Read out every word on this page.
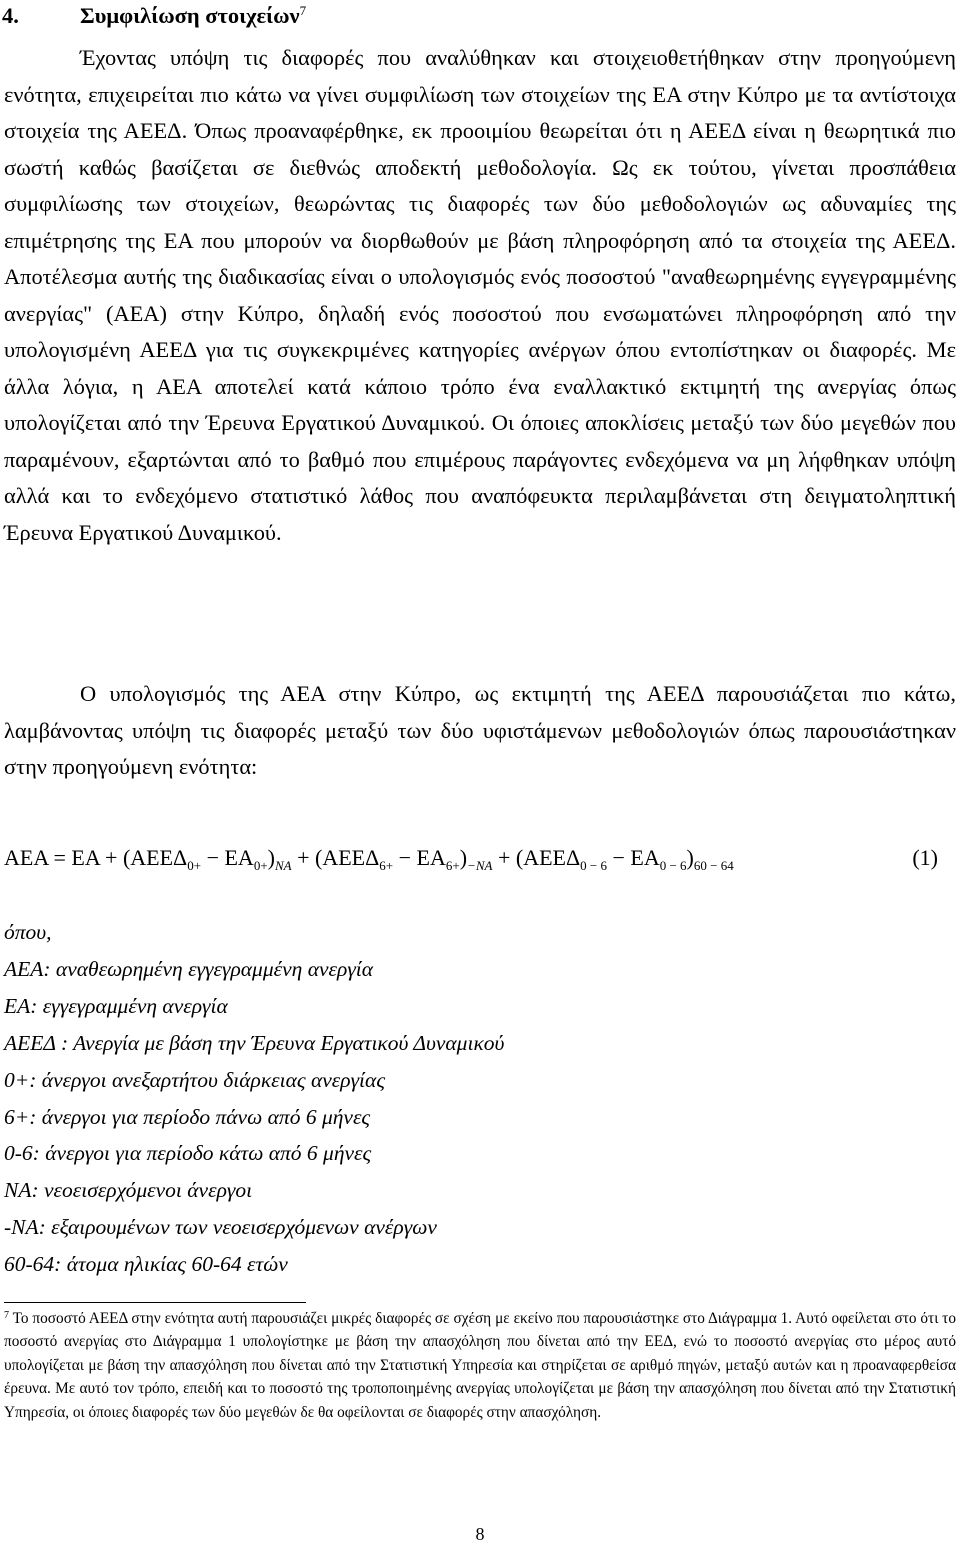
4.	Συμφιλίωση στοιχείων$^7$

Έχοντας υπόψη τις διαφορές που αναλύθηκαν και στοιχειοθετήθηκαν στην προηγούμενη ενότητα, επιχειρείται πιο κάτω να γίνει συμφιλίωση των στοιχείων της ΕΑ στην Κύπρο με τα αντίστοιχα στοιχεία της ΑΕΕΔ. Όπως προαναφέρθηκε, εκ προοιμίου θεωρείται ότι η ΑΕΕΔ είναι η θεωρητικά πιο σωστή καθώς βασίζεται σε διεθνώς αποδεκτή μεθοδολογία. Ως εκ τούτου, γίνεται προσπάθεια συμφιλίωσης των στοιχείων, θεωρώντας τις διαφορές των δύο μεθοδολογιών ως αδυναμίες της επιμέτρησης της ΕΑ που μπορούν να διορθωθούν με βάση πληροφόρηση από τα στοιχεία της ΑΕΕΔ. Αποτέλεσμα αυτής της διαδικασίας είναι ο υπολογισμός ενός ποσοστού "αναθεωρημένης εγγεγραμμένης ανεργίας" (ΑΕΑ) στην Κύπρο, δηλαδή ενός ποσοστού που ενσωματώνει πληροφόρηση από την υπολογισμένη ΑΕΕΔ για τις συγκεκριμένες κατηγορίες ανέργων όπου εντοπίστηκαν οι διαφορές. Με άλλα λόγια, η ΑΕΑ αποτελεί κατά κάποιο τρόπο ένα εναλλακτικό εκτιμητή της ανεργίας όπως υπολογίζεται από την Έρευνα Εργατικού Δυναμικού. Οι όποιες αποκλίσεις μεταξύ των δύο μεγεθών που παραμένουν, εξαρτώνται από το βαθμό που επιμέρους παράγοντες ενδεχόμενα να μη λήφθηκαν υπόψη αλλά και το ενδεχόμενο στατιστικό λάθος που αναπόφευκτα περιλαμβάνεται στη δειγματοληπτική Έρευνα Εργατικού Δυναμικού.

Ο υπολογισμός της ΑΕΑ στην Κύπρο, ως εκτιμητή της ΑΕΕΔ παρουσιάζεται πιο κάτω, λαμβάνοντας υπόψη τις διαφορές μεταξύ των δύο υφιστάμενων μεθοδολογιών όπως παρουσιάστηκαν στην προηγούμενη ενότητα:

$AEA = EA + (AEE\Delta_{0+} - EA_{0+})_{NA} + (AEE\Delta_{6+} - EA_{6+})_{-NA} + (AEE\Delta_{0 - 6} - EA_{0 - 6})_{60 - 64}$	(1)
όπου,
ΑΕΑ: αναθεωρημένη εγγεγραμμένη ανεργία
ΕΑ: εγγεγραμμένη ανεργία
ΑΕΕΔ : Ανεργία με βάση την Έρευνα Εργατικού Δυναμικού
0+: άνεργοι ανεξαρτήτου διάρκειας ανεργίας
6+: άνεργοι για περίοδο πάνω από 6 μήνες
0-6: άνεργοι για περίοδο κάτω από 6 μήνες
NA: νεοεισερχόμενοι άνεργοι
-NA: εξαιρουμένων των νεοεισερχόμενων ανέργων
60-64: άτομα ηλικίας 60-64 ετών

$^7$ Το ποσοστό ΑΕΕΔ στην ενότητα αυτή παρουσιάζει μικρές διαφορές σε σχέση με εκείνο που παρουσιάστηκε στο Διάγραμμα 1. Αυτό οφείλεται στο ότι το ποσοστό ανεργίας στο Διάγραμμα 1 υπολογίστηκε με βάση την απασχόληση που δίνεται από την ΕΕΔ, ενώ το ποσοστό ανεργίας στο μέρος αυτό υπολογίζεται με βάση την απασχόληση που δίνεται από την Στατιστική Υπηρεσία και στηρίζεται σε αριθμό πηγών, μεταξύ αυτών και η προαναφερθείσα έρευνα. Με αυτό τον τρόπο, επειδή και το ποσοστό της τροποποιημένης ανεργίας υπολογίζεται με βάση την απασχόληση που δίνεται από την Στατιστική Υπηρεσία, οι όποιες διαφορές των δύο μεγεθών δε θα οφείλονται σε διαφορές στην απασχόληση.

8
